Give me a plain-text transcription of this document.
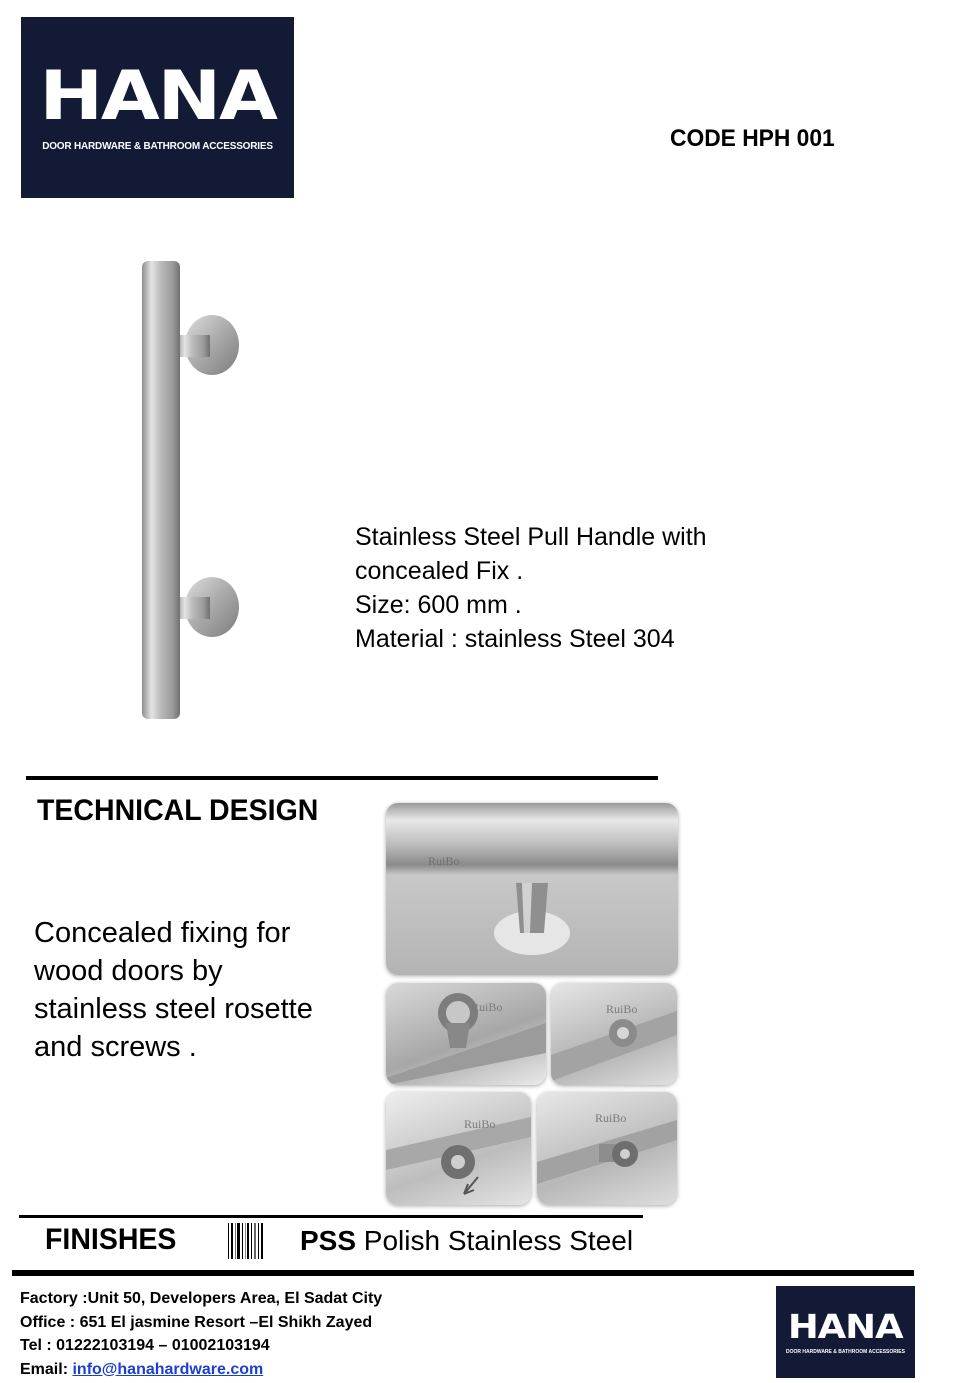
HANA
DOOR HARDWARE & BATHROOM ACCESSORIES	CODE HPH 001
Stainless Steel Pull Handle with
concealed Fix .
Size: 600 mm .
Material : stainless Steel 304
TECHNICAL DESIGN
Concealed fixing for
wood doors by
stainless steel rosette
and screws .
RuiBo
RuiBo	RuiBo
RuiBo	RuiBo
FINISHES	PSS Polish Stainless Steel
Factory :Unit 50, Developers Area, El Sadat City
Office : 651 El jasmine Resort –El Shikh Zayed
Tel : 01222103194 – 01002103194
Email: info@hanahardware.com
HANA
DOOR HARDWARE & BATHROOM ACCESSORIES
